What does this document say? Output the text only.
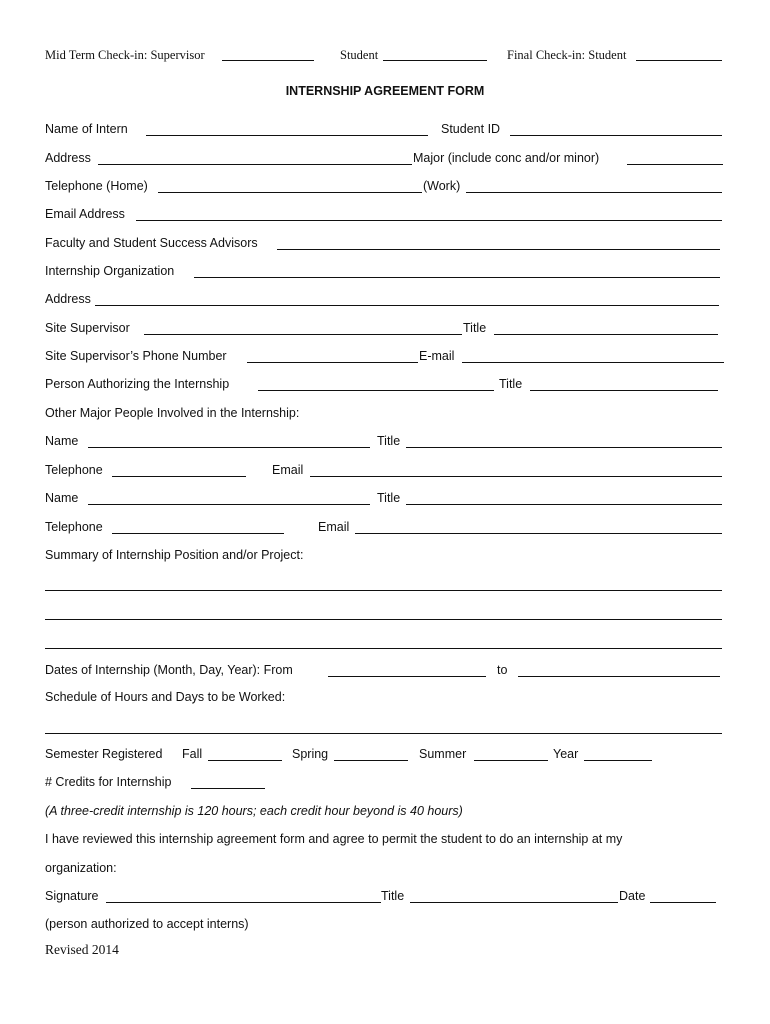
Mid Term Check-in: Supervisor	Student	Final Check-in: Student
INTERNSHIP AGREEMENT FORM
Name of Intern	Student ID
Address	Major (include conc and/or minor)
Telephone (Home)	(Work)
Email Address
Faculty and Student Success Advisors
Internship Organization
Address
Site Supervisor	Title
Site Supervisor’s Phone Number	E-mail
Person Authorizing the Internship	Title
Other Major People Involved in the Internship:
Name	Title
Telephone	Email
Name	Title
Telephone	Email
Summary of Internship Position and/or Project:
Dates of Internship (Month, Day, Year): From	to
Schedule of Hours and Days to be Worked:
Semester Registered Fall	Spring	Summer	Year
# Credits for Internship
(A three-credit internship is 120 hours; each credit hour beyond is 40 hours)
I have reviewed this internship agreement form and agree to permit the student to do an internship at my
organization:
Signature	Title	Date
(person authorized to accept interns)
Revised 2014
